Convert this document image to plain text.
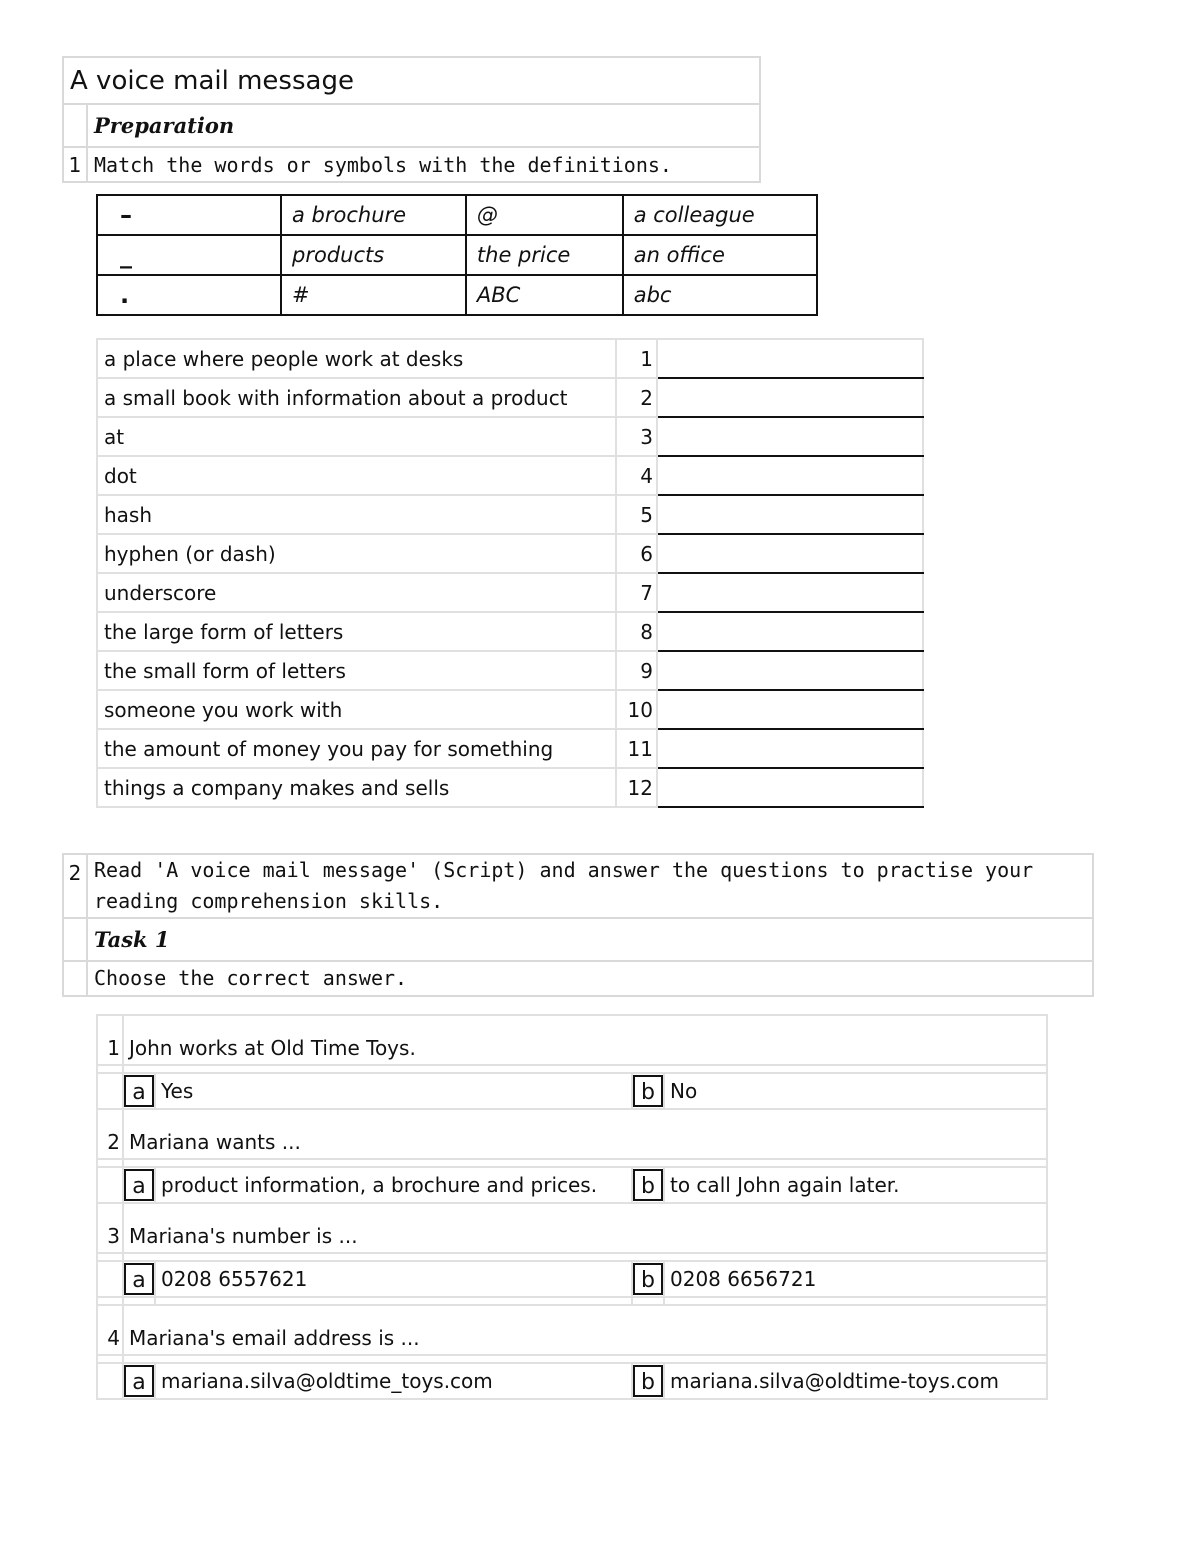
A voice mail message	
	Preparation
1	Match the words or symbols with the definitions.
–	a brochure	@	a colleague
_	products	the price	an office
.	#	ABC	abc
a place where people work at desks	1	
a small book with information about a product	2	
at	3	
dot	4	
hash	5	
hyphen (or dash)	6	
underscore	7	
the large form of letters	8	
the small form of letters	9	
someone you work with	10	
the amount of money you pay for something	11	
things a company makes and sells	12	
2	Read 'A voice mail message' (Script) and answer the questions to practise your reading comprehension skills.
	Task 1
	Choose the correct answer.
1	John works at Old Time Toys.			

	a	Yes	b	No
2	Mariana wants ...			

	a	product information, a brochure and prices.	b	to call John again later.
3	Mariana's number is ...			

	a	0208 6557621	b	0208 6656721

4	Mariana's email address is ...			

	a	mariana.silva@oldtime_toys.com	b	mariana.silva@oldtime-toys.com
